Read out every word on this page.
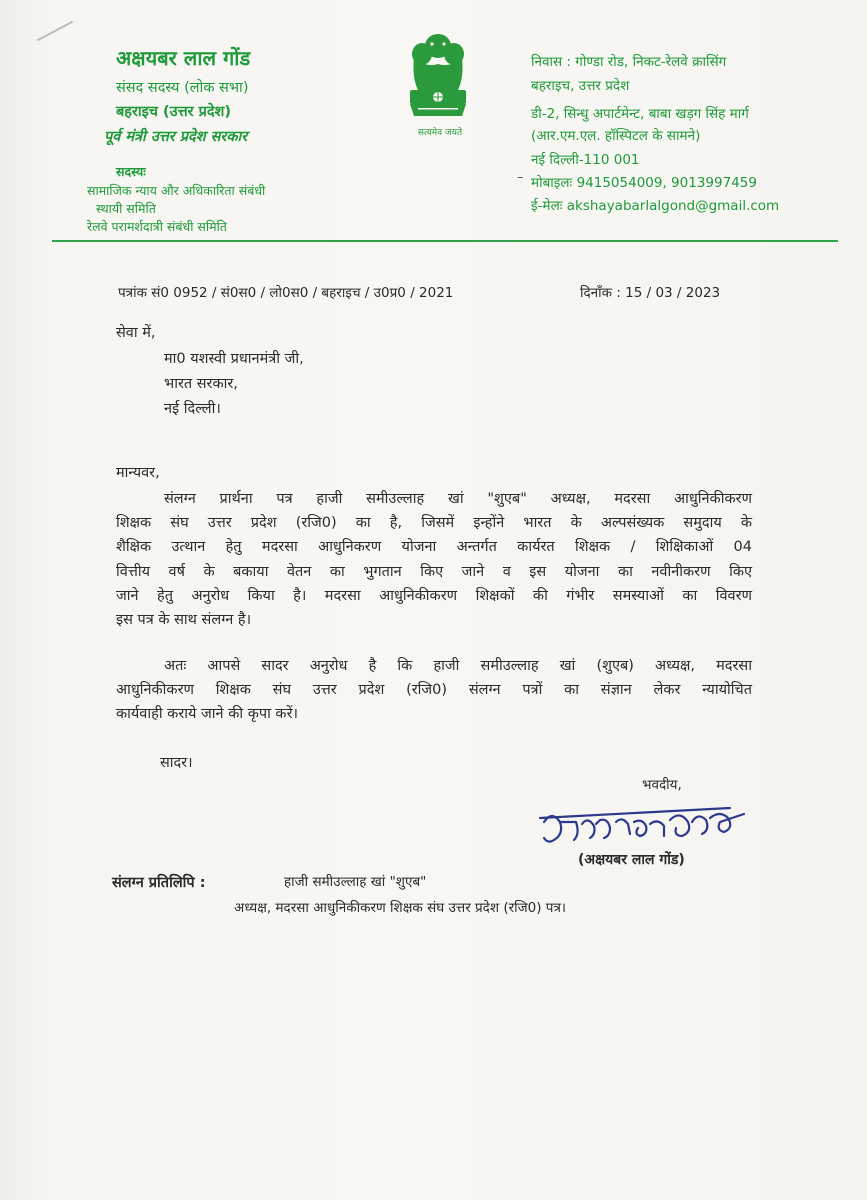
अक्षयबर लाल गोंड
संसद सदस्य (लोक सभा)
बहराइच (उत्तर प्रदेश)
पूर्व मंत्री उत्तर प्रदेश सरकार
सदस्यः
सामाजिक न्याय और अधिकारिता संबंधी
स्थायी समिति
रेलवे परामर्शदात्री संबंधी समिति
सत्यमेव जयते
निवास : गोण्डा रोड, निकट-रेलवे क्रासिंग
बहराइच, उत्तर प्रदेश
डी-2, सिन्धु अपार्टमेन्ट, बाबा खड़ग सिंह मार्ग
(आर.एम.एल. हॉस्पिटल के सामने)
नई दिल्ली-110 001
– मोबाइलः 9415054009, 9013997459
ई-मेलः akshayabarlalgond@gmail.com
पत्रांक सं0 0952 / सं0स0 / लो0स0 / बहराइच / उ0प्र0 / 2021	दिनाँक : 15 / 03 / 2023
सेवा में,
मा0 यशस्वी प्रधानमंत्री जी,
भारत सरकार,
नई दिल्ली।
मान्यवर,
संलग्न प्रार्थना पत्र हाजी समीउल्लाह खां "शुएब" अध्यक्ष, मदरसा आधुनिकीकरण
शिक्षक संघ उत्तर प्रदेश (रजि0) का है, जिसमें इन्होंने भारत के अल्पसंख्यक समुदाय के
शैक्षिक उत्थान हेतु मदरसा आधुनिकरण योजना अन्तर्गत कार्यरत शिक्षक / शिक्षिकाओं 04
वित्तीय वर्ष के बकाया वेतन का भुगतान किए जाने व इस योजना का नवीनीकरण किए
जाने हेतु अनुरोध किया है। मदरसा आधुनिकीकरण शिक्षकों की गंभीर समस्याओं का विवरण
इस पत्र के साथ संलग्न है।
अतः आपसे सादर अनुरोध है कि हाजी समीउल्लाह खां (शुएब) अध्यक्ष, मदरसा
आधुनिकीकरण शिक्षक संघ उत्तर प्रदेश (रजि0) संलग्न पत्रों का संज्ञान लेकर न्यायोचित
कार्यवाही कराये जाने की कृपा करें।
सादर।
भवदीय,
(अक्षयबर लाल गोंड)
संलग्न प्रतिलिपि :	हाजी समीउल्लाह खां "शुएब"
अध्यक्ष, मदरसा आधुनिकीकरण शिक्षक संघ उत्तर प्रदेश (रजि0) पत्र।
